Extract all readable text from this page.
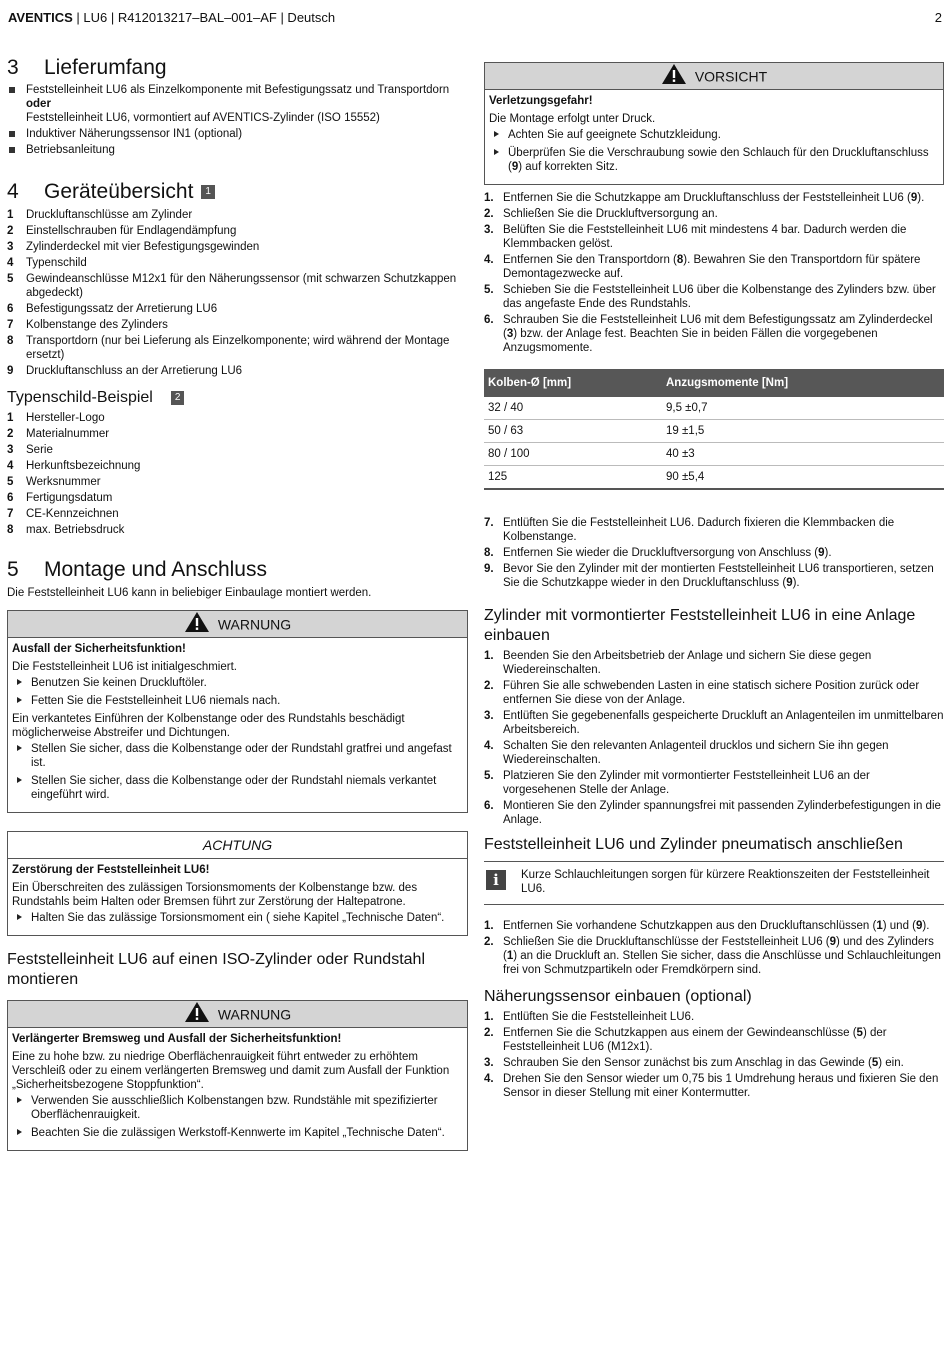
AVENTICS | LU6 | R412013217–BAL–001–AF | Deutsch	2
3 Lieferumfang
Feststelleinheit LU6 als Einzelkomponente mit Befestigungssatz und Transportdorn
oder
Feststelleinheit LU6, vormontiert auf AVENTICS-Zylinder (ISO 15552)
Induktiver Näherungssensor IN1 (optional)
Betriebsanleitung
4 Geräteübersicht 1
1 Druckluftanschlüsse am Zylinder
2 Einstellschrauben für Endlagendämpfung
3 Zylinderdeckel mit vier Befestigungsgewinden
4 Typenschild
5 Gewindeanschlüsse M12x1 für den Näherungssensor (mit schwarzen Schutzkappen abgedeckt)
6 Befestigungssatz der Arretierung LU6
7 Kolbenstange des Zylinders
8 Transportdorn (nur bei Lieferung als Einzelkomponente; wird während der Montage ersetzt)
9 Druckluftanschluss an der Arretierung LU6
Typenschild-Beispiel 2
1 Hersteller-Logo
2 Materialnummer
3 Serie
4 Herkunftsbezeichnung
5 Werksnummer
6 Fertigungsdatum
7 CE-Kennzeichnen
8 max. Betriebsdruck
5 Montage und Anschluss

Die Feststelleinheit LU6 kann in beliebiger Einbaulage montiert werden.

WARNUNG
Ausfall der Sicherheitsfunktion!

Die Feststelleinheit LU6 ist initialgeschmiert.

Benutzen Sie keinen Druckluftöler.
Fetten Sie die Feststelleinheit LU6 niemals nach.

Ein verkantetes Einführen der Kolbenstange oder des Rundstahls beschädigt möglicherweise Abstreifer und Dichtungen.

Stellen Sie sicher, dass die Kolbenstange oder der Rundstahl gratfrei und angefast ist.
Stellen Sie sicher, dass die Kolbenstange oder der Rundstahl niemals verkantet eingeführt wird.
ACHTUNG
Zerstörung der Feststelleinheit LU6!

Ein Überschreiten des zulässigen Torsionsmoments der Kolbenstange bzw. des Rundstahls beim Halten oder Bremsen führt zur Zerstörung der Haltepatrone.

Halten Sie das zulässige Torsionsmoment ein ( siehe Kapitel „Technische Daten“.
Feststelleinheit LU6 auf einen ISO-Zylinder oder Rundstahl montieren
WARNUNG
Verlängerter Bremsweg und Ausfall der Sicherheitsfunktion!

Eine zu hohe bzw. zu niedrige Oberflächenrauigkeit führt entweder zu erhöhtem Verschleiß oder zu einem verlängerten Bremsweg und damit zum Ausfall der Funktion „Sicherheitsbezogene Stoppfunktion“.

Verwenden Sie ausschließlich Kolbenstangen bzw. Rundstähle mit spezifizierter Oberflächenrauigkeit.
Beachten Sie die zulässigen Werkstoff-Kennwerte im Kapitel „Technische Daten“.
VORSICHT
Verletzungsgefahr!

Die Montage erfolgt unter Druck.

Achten Sie auf geeignete Schutzkleidung.
Überprüfen Sie die Verschraubung sowie den Schlauch für den Druckluftanschluss (9) auf korrekten Sitz.
1. Entfernen Sie die Schutzkappe am Druckluftanschluss der Feststelleinheit LU6 (9).
2. Schließen Sie die Druckluftversorgung an.
3. Belüften Sie die Feststelleinheit LU6 mit mindestens 4 bar. Dadurch werden die Klemmbacken gelöst.
4. Entfernen Sie den Transportdorn (8). Bewahren Sie den Transportdorn für spätere Demontagezwecke auf.
5. Schieben Sie die Feststelleinheit LU6 über die Kolbenstange des Zylinders bzw. über das angefaste Ende des Rundstahls.
6. Schrauben Sie die Feststelleinheit LU6 mit dem Befestigungssatz am Zylinderdeckel (3) bzw. der Anlage fest. Beachten Sie in beiden Fällen die vorgegebenen Anzugsmomente.
Kolben-Ø [mm]	Anzugsmomente [Nm]
32 / 40	9,5 ±0,7
50 / 63	19 ±1,5
80 / 100	40 ±3
125	90 ±5,4
7. Entlüften Sie die Feststelleinheit LU6. Dadurch fixieren die Klemmbacken die Kolbenstange.
8. Entfernen Sie wieder die Druckluftversorgung von Anschluss (9).
9. Bevor Sie den Zylinder mit der montierten Feststelleinheit LU6 transportieren, setzen Sie die Schutzkappe wieder in den Druckluftanschluss (9).
Zylinder mit vormontierter Feststelleinheit LU6 in eine Anlage einbauen
1. Beenden Sie den Arbeitsbetrieb der Anlage und sichern Sie diese gegen Wiedereinschalten.
2. Führen Sie alle schwebenden Lasten in eine statisch sichere Position zurück oder entfernen Sie diese von der Anlage.
3. Entlüften Sie gegebenenfalls gespeicherte Druckluft an Anlagenteilen im unmittelbaren Arbeitsbereich.
4. Schalten Sie den relevanten Anlagenteil drucklos und sichern Sie ihn gegen Wiedereinschalten.
5. Platzieren Sie den Zylinder mit vormontierter Feststelleinheit LU6 an der vorgesehenen Stelle der Anlage.
6. Montieren Sie den Zylinder spannungsfrei mit passenden Zylinderbefestigungen in die Anlage.
Feststelleinheit LU6 und Zylinder pneumatisch anschließen
i	Kurze Schlauchleitungen sorgen für kürzere Reaktionszeiten der Feststelleinheit LU6.
1. Entfernen Sie vorhandene Schutzkappen aus den Druckluftanschlüssen (1) und (9).
2. Schließen Sie die Druckluftanschlüsse der Feststelleinheit LU6 (9) und des Zylinders (1) an die Druckluft an. Stellen Sie sicher, dass die Anschlüsse und Schlauchleitungen frei von Schmutzpartikeln oder Fremdkörpern sind.
Näherungssensor einbauen (optional)
1. Entlüften Sie die Feststelleinheit LU6.
2. Entfernen Sie die Schutzkappen aus einem der Gewindeanschlüsse (5) der Feststelleinheit LU6 (M12x1).
3. Schrauben Sie den Sensor zunächst bis zum Anschlag in das Gewinde (5) ein.
4. Drehen Sie den Sensor wieder um 0,75 bis 1 Umdrehung heraus und fixieren Sie den Sensor in dieser Stellung mit einer Kontermutter.
